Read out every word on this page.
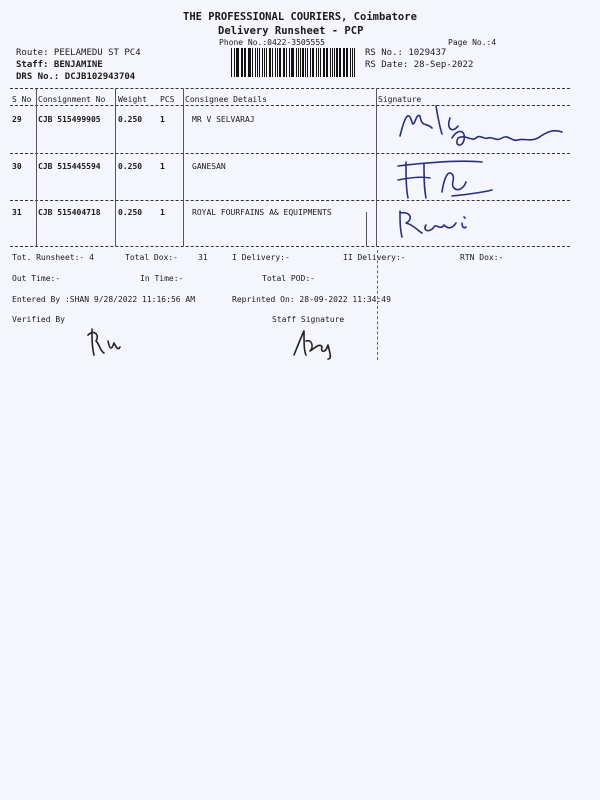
THE PROFESSIONAL COURIERS, Coimbatore
Delivery Runsheet - PCP
Phone No.:0422-3505555	Page No.:4
Route: PEELAMEDU ST PC4
Staff: BENJAMINE
DRS No.: DCJB102943704
RS No.: 1029437
RS Date: 28-Sep-2022
S No Consignment No Weight PCS Consignee Details	Signature
29 CJB 515499905 0.250 1	MR V SELVARAJ
30 CJB 515445594 0.250 1	GANESAN
31 CJB 515404718 0.250 1	ROYAL FOURFAINS A& EQUIPMENTS
Tot. Runsheet:- 4	Total Dox:-	31	I Delivery:-	II Delivery:-	RTN Dox:-
Out Time:-	In Time:-	Total POD:-
Entered By :SHAN 9/28/2022 11:16:56 AM	Reprinted On: 28-09-2022 11:34:49
Verified By	Staff Signature
